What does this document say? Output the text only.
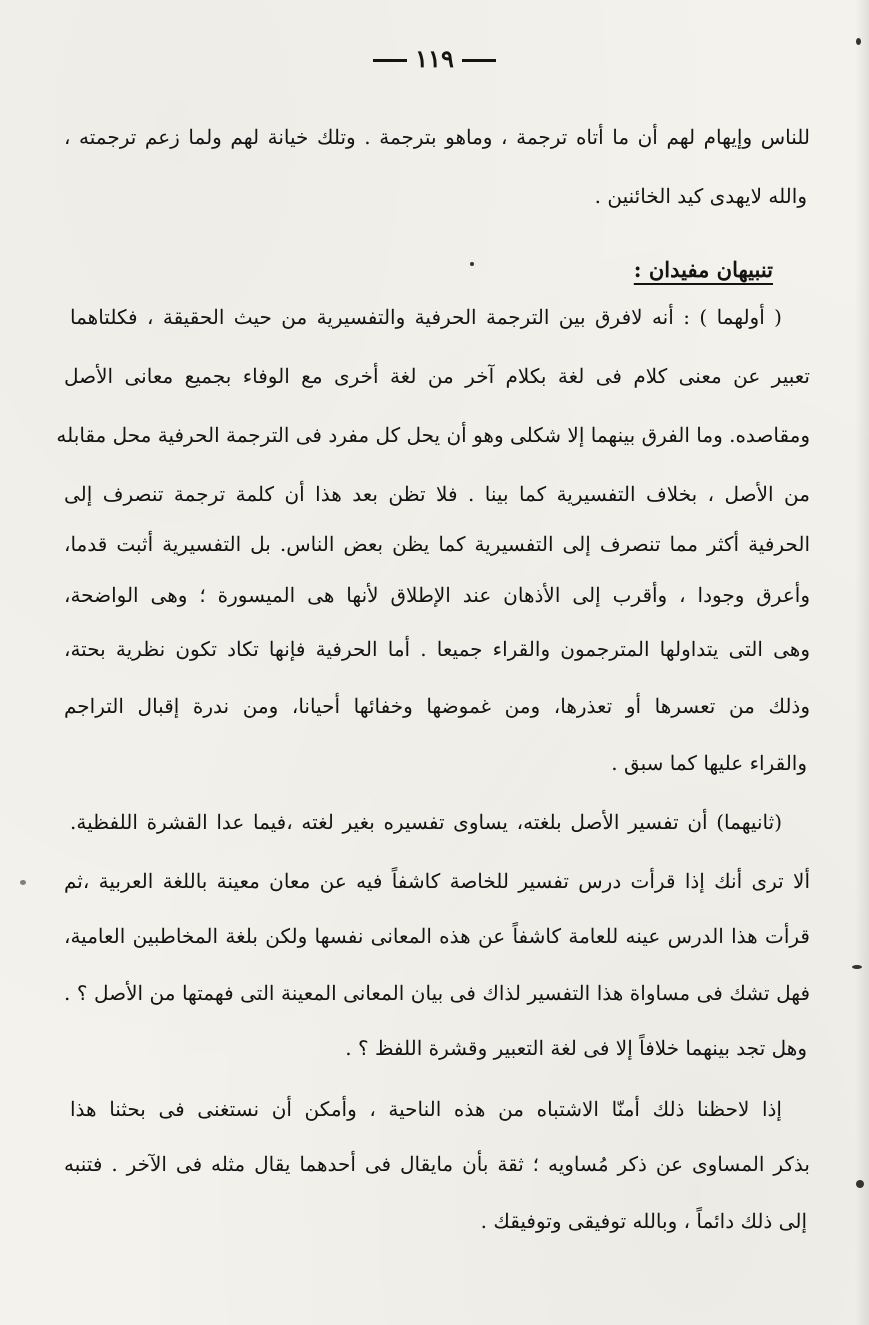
١١٩
للناس وإيهام لهم أن ما أتاه ترجمة ، وماهو بترجمة . وتلك خيانة لهم ولما زعم ترجمته ،
والله لايهدى كيد الخائنين .
تنبيهان مفيدان :
( أولهما ) : أنه لافرق بين الترجمة الحرفية والتفسيرية من حيث الحقيقة ، فكلتاهما
تعبير عن معنى كلام فى لغة بكلام آخر من لغة أخرى مع الوفاء بجميع معانى الأصل
ومقاصده. وما الفرق بينهما إلا شكلى وهو أن يحل كل مفرد فى الترجمة الحرفية محل مقابله
من الأصل ، بخلاف التفسيرية كما بينا . فلا تظن بعد هذا أن كلمة ترجمة تنصرف إلى
الحرفية أكثر مما تنصرف إلى التفسيرية كما يظن بعض الناس. بل التفسيرية أثبت قدما،
وأعرق وجودا ، وأقرب إلى الأذهان عند الإطلاق لأنها هى الميسورة ؛ وهى الواضحة،
وهى التى يتداولها المترجمون والقراء جميعا . أما الحرفية فإنها تكاد تكون نظرية بحتة،
وذلك من تعسرها أو تعذرها، ومن غموضها وخفائها أحيانا، ومن ندرة إقبال التراجم
والقراء عليها كما سبق .
(ثانيهما) أن تفسير الأصل بلغته، يساوى تفسيره بغير لغته ،فيما عدا القشرة اللفظية.
ألا ترى أنك إذا قرأت درس تفسير للخاصة كاشفاً فيه عن معان معينة باللغة العربية ،ثم
قرأت هذا الدرس عينه للعامة كاشفاً عن هذه المعانى نفسها ولكن بلغة المخاطبين العامية،
فهل تشك فى مساواة هذا التفسير لذاك فى بيان المعانى المعينة التى فهمتها من الأصل ؟ .
وهل تجد بينهما خلافاً إلا فى لغة التعبير وقشرة اللفظ ؟ .
إذا لاحظنا ذلك أمنّا الاشتباه من هذه الناحية ، وأمكن أن نستغنى فى بحثنا هذا
بذكر المساوى عن ذكر مُساويه ؛ ثقة بأن مايقال فى أحدهما يقال مثله فى الآخر . فتنبه
إلى ذلك دائماً ، وبالله توفيقى وتوفيقك .
